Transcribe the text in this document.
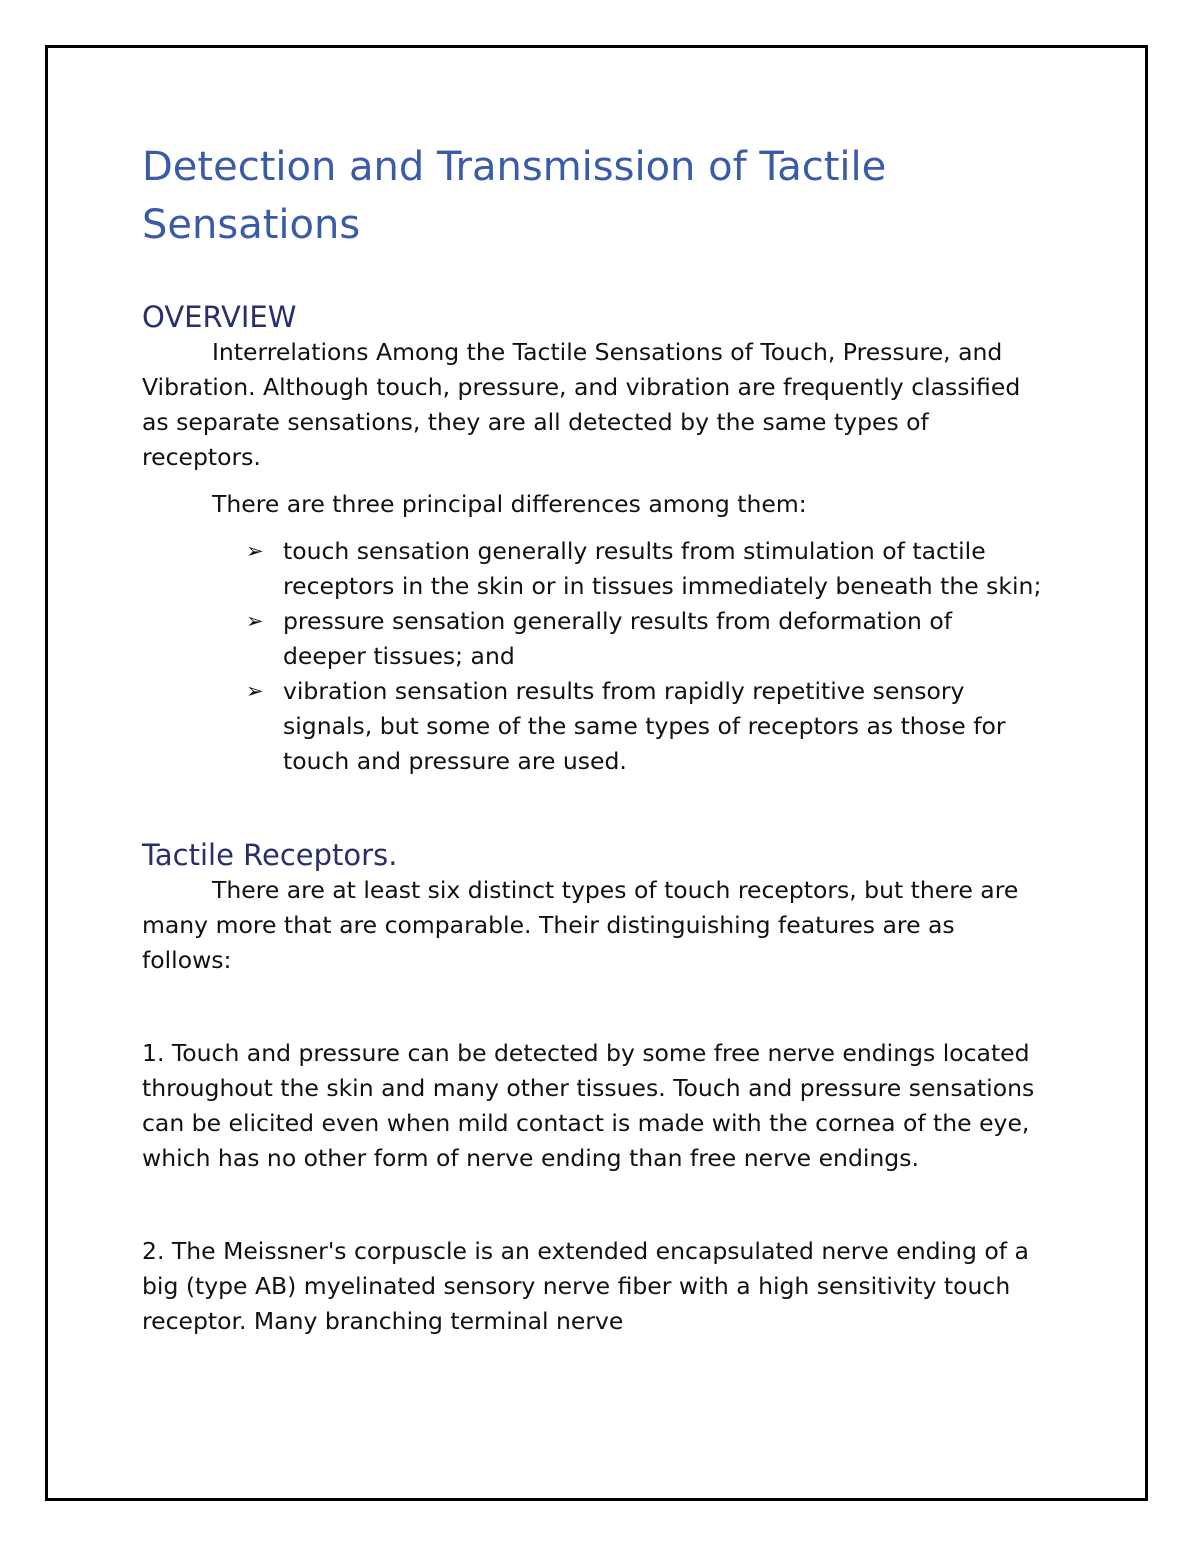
Detection and Transmission of Tactile Sensations
OVERVIEW

Interrelations Among the Tactile Sensations of Touch, Pressure, and Vibration. Although touch, pressure, and vibration are frequently classified as separate sensations, they are all detected by the same types of receptors.

There are three principal differences among them:

➢ touch sensation generally results from stimulation of tactile receptors in the skin or in tissues immediately beneath the skin;
➢ pressure sensation generally results from deformation of deeper tissues; and
➢ vibration sensation results from rapidly repetitive sensory signals, but some of the same types of receptors as those for touch and pressure are used.
Tactile Receptors.

There are at least six distinct types of touch receptors, but there are many more that are comparable. Their distinguishing features are as follows:

1. Touch and pressure can be detected by some free nerve endings located throughout the skin and many other tissues. Touch and pressure sensations can be elicited even when mild contact is made with the cornea of the eye, which has no other form of nerve ending than free nerve endings.

2. The Meissner's corpuscle is an extended encapsulated nerve ending of a big (type AB) myelinated sensory nerve fiber with a high sensitivity touch receptor. Many branching terminal nerve
